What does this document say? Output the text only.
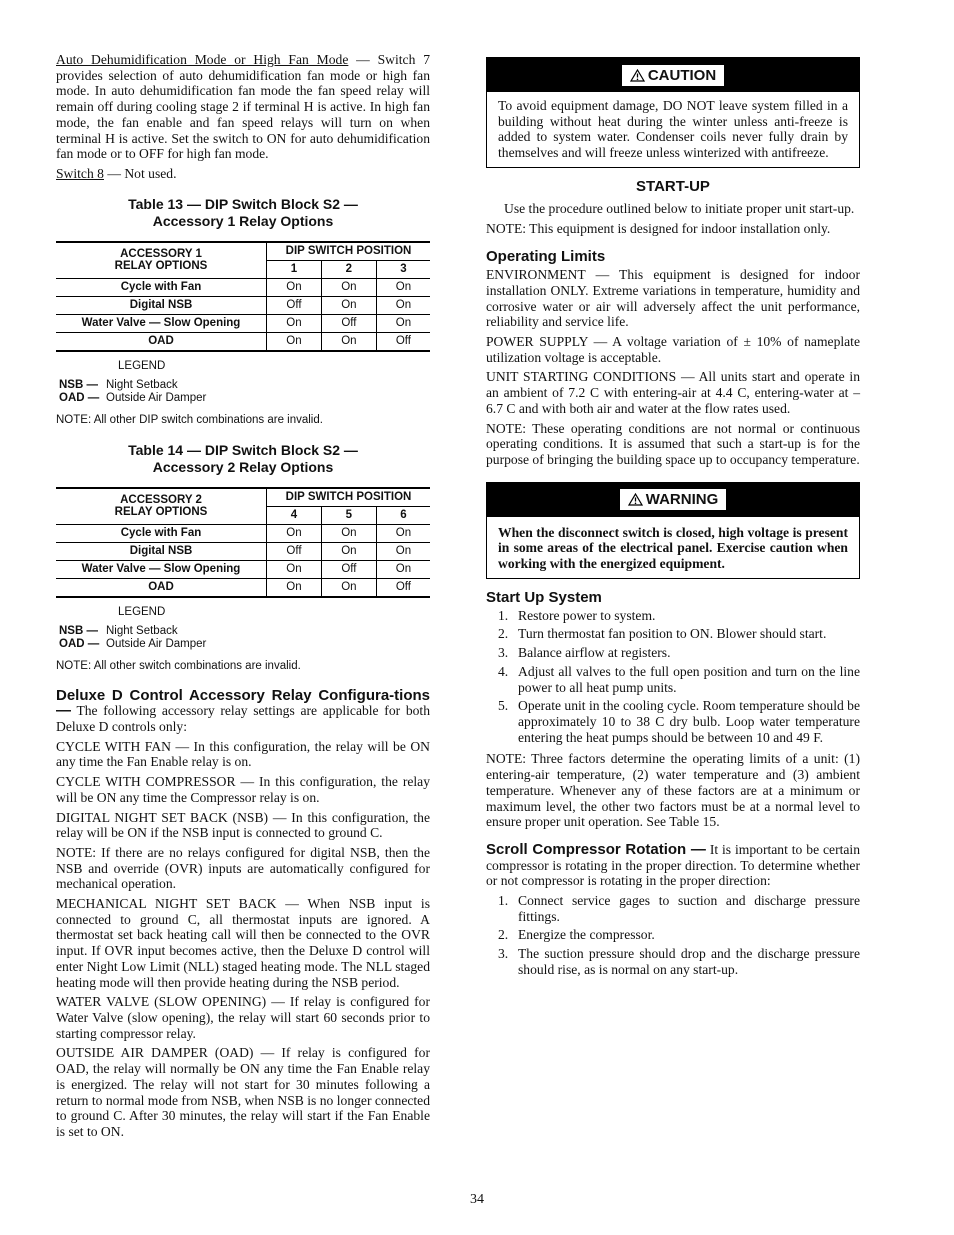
Auto Dehumidification Mode or High Fan Mode — Switch 7 provides selection of auto dehumidification fan mode or high fan mode. In auto dehumidification fan mode the fan speed relay will remain off during cooling stage 2 if terminal H is active. In high fan mode, the fan enable and fan speed relays will turn on when terminal H is active. Set the switch to ON for auto dehumidification fan mode or to OFF for high fan mode.

Switch 8 — Not used.

Table 13 — DIP Switch Block S2 —
Accessory 1 Relay Options
ACCESSORY 1
RELAY OPTIONS	DIP SWITCH POSITION		
	1	2	3
Cycle with Fan	On	On	On
Digital NSB	Off	On	On
Water Valve — Slow Opening	On	Off	On
OAD	On	On	Off
LEGEND
NSB — Night Setback
OAD — Outside Air Damper
NOTE: All other DIP switch combinations are invalid.
Table 14 — DIP Switch Block S2 —
Accessory 2 Relay Options
ACCESSORY 2
RELAY OPTIONS	DIP SWITCH POSITION		
	4	5	6
Cycle with Fan	On	On	On
Digital NSB	Off	On	On
Water Valve — Slow Opening	On	Off	On
OAD	On	On	Off
LEGEND
NSB — Night Setback
OAD — Outside Air Damper
NOTE: All other switch combinations are invalid.

Deluxe D Control Accessory Relay Configura-tions — The following accessory relay settings are applicable for both Deluxe D controls only:

CYCLE WITH FAN — In this configuration, the relay will be ON any time the Fan Enable relay is on.

CYCLE WITH COMPRESSOR — In this configuration, the relay will be ON any time the Compressor relay is on.

DIGITAL NIGHT SET BACK (NSB) — In this configuration, the relay will be ON if the NSB input is connected to ground C.

NOTE: If there are no relays configured for digital NSB, then the NSB and override (OVR) inputs are automatically configured for mechanical operation.

MECHANICAL NIGHT SET BACK — When NSB input is connected to ground C, all thermostat inputs are ignored. A thermostat set back heating call will then be connected to the OVR input. If OVR input becomes active, then the Deluxe D control will enter Night Low Limit (NLL) staged heating mode. The NLL staged heating mode will then provide heating during the NSB period.

WATER VALVE (SLOW OPENING) — If relay is configured for Water Valve (slow opening), the relay will start 60 seconds prior to starting compressor relay.

OUTSIDE AIR DAMPER (OAD) — If relay is configured for OAD, the relay will normally be ON any time the Fan Enable relay is energized. The relay will not start for 30 minutes following a return to normal mode from NSB, when NSB is no longer connected to ground C. After 30 minutes, the relay will start if the Fan Enable is set to ON.

CAUTION

To avoid equipment damage, DO NOT leave system filled in a building without heat during the winter unless anti-freeze is added to system water. Condenser coils never fully drain by themselves and will freeze unless winterized with antifreeze.

START-UP

Use the procedure outlined below to initiate proper unit start-up.

NOTE: This equipment is designed for indoor installation only.

Operating Limits

ENVIRONMENT — This equipment is designed for indoor installation ONLY. Extreme variations in temperature, humidity and corrosive water or air will adversely affect the unit performance, reliability and service life.

POWER SUPPLY — A voltage variation of ± 10% of nameplate utilization voltage is acceptable.

UNIT STARTING CONDITIONS — All units start and operate in an ambient of 7.2 C with entering-air at 4.4 C, entering-water at –6.7 C and with both air and water at the flow rates used.

NOTE: These operating conditions are not normal or continuous operating conditions. It is assumed that such a start-up is for the purpose of bringing the building space up to occupancy temperature.

WARNING

When the disconnect switch is closed, high voltage is present in some areas of the electrical panel. Exercise caution when working with the energized equipment.

Start Up System
1. Restore power to system.
2. Turn thermostat fan position to ON. Blower should start.
3. Balance airflow at registers.
4. Adjust all valves to the full open position and turn on the line power to all heat pump units.
5. Operate unit in the cooling cycle. Room temperature should be approximately 10 to 38 C dry bulb. Loop water temperature entering the heat pumps should be between 10 and 49 F.

NOTE: Three factors determine the operating limits of a unit: (1) entering-air temperature, (2) water temperature and (3) ambient temperature. Whenever any of these factors are at a minimum or maximum level, the other two factors must be at a normal level to ensure proper unit operation. See Table 15.

Scroll Compressor Rotation — It is important to be certain compressor is rotating in the proper direction. To determine whether or not compressor is rotating in the proper direction:

1. Connect service gages to suction and discharge pressure fittings.
2. Energize the compressor.
3. The suction pressure should drop and the discharge pressure should rise, as is normal on any start-up.
34
